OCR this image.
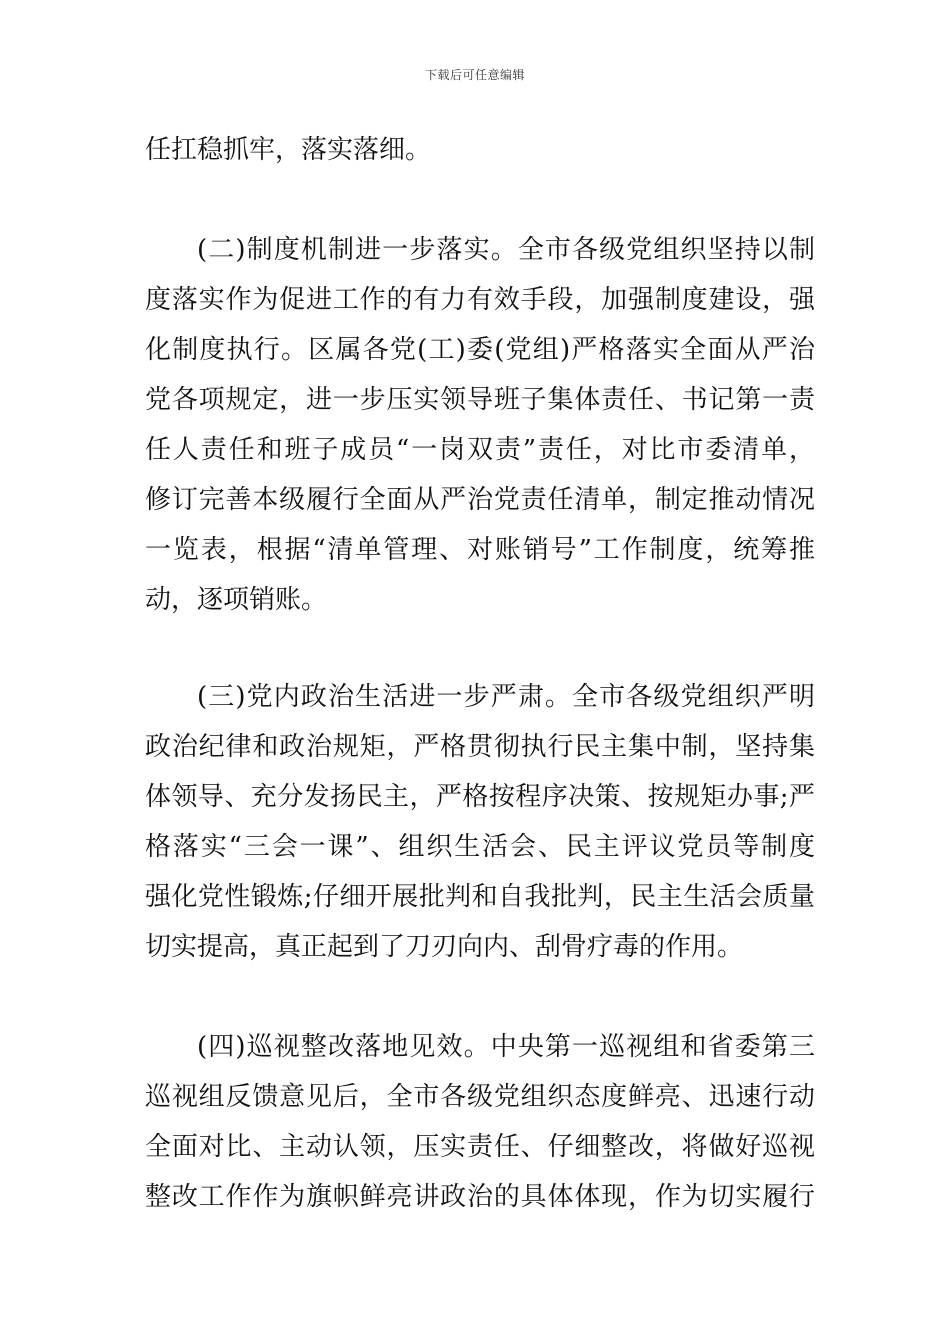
下载后可任意编辑
任扛稳抓牢，落实落细。
(二)制度机制进一步落实。全市各级党组织坚持以制
度落实作为促进工作的有力有效手段，加强制度建设，强
化制度执行。区属各党(工)委(党组)严格落实全面从严治
党各项规定，进一步压实领导班子集体责任、书记第一责
任人责任和班子成员“一岗双责”责任，对比市委清单，
修订完善本级履行全面从严治党责任清单，制定推动情况
一览表，根据“清单管理、对账销号”工作制度，统筹推
动，逐项销账。
(三)党内政治生活进一步严肃。全市各级党组织严明
政治纪律和政治规矩，严格贯彻执行民主集中制，坚持集
体领导、充分发扬民主，严格按程序决策、按规矩办事;严
格落实“三会一课”、组织生活会、民主评议党员等制度
强化党性锻炼;仔细开展批判和自我批判，民主生活会质量
切实提高，真正起到了刀刃向内、刮骨疗毒的作用。
(四)巡视整改落地见效。中央第一巡视组和省委第三
巡视组反馈意见后，全市各级党组织态度鲜亮、迅速行动
全面对比、主动认领，压实责任、仔细整改，将做好巡视
整改工作作为旗帜鲜亮讲政治的具体体现，作为切实履行
